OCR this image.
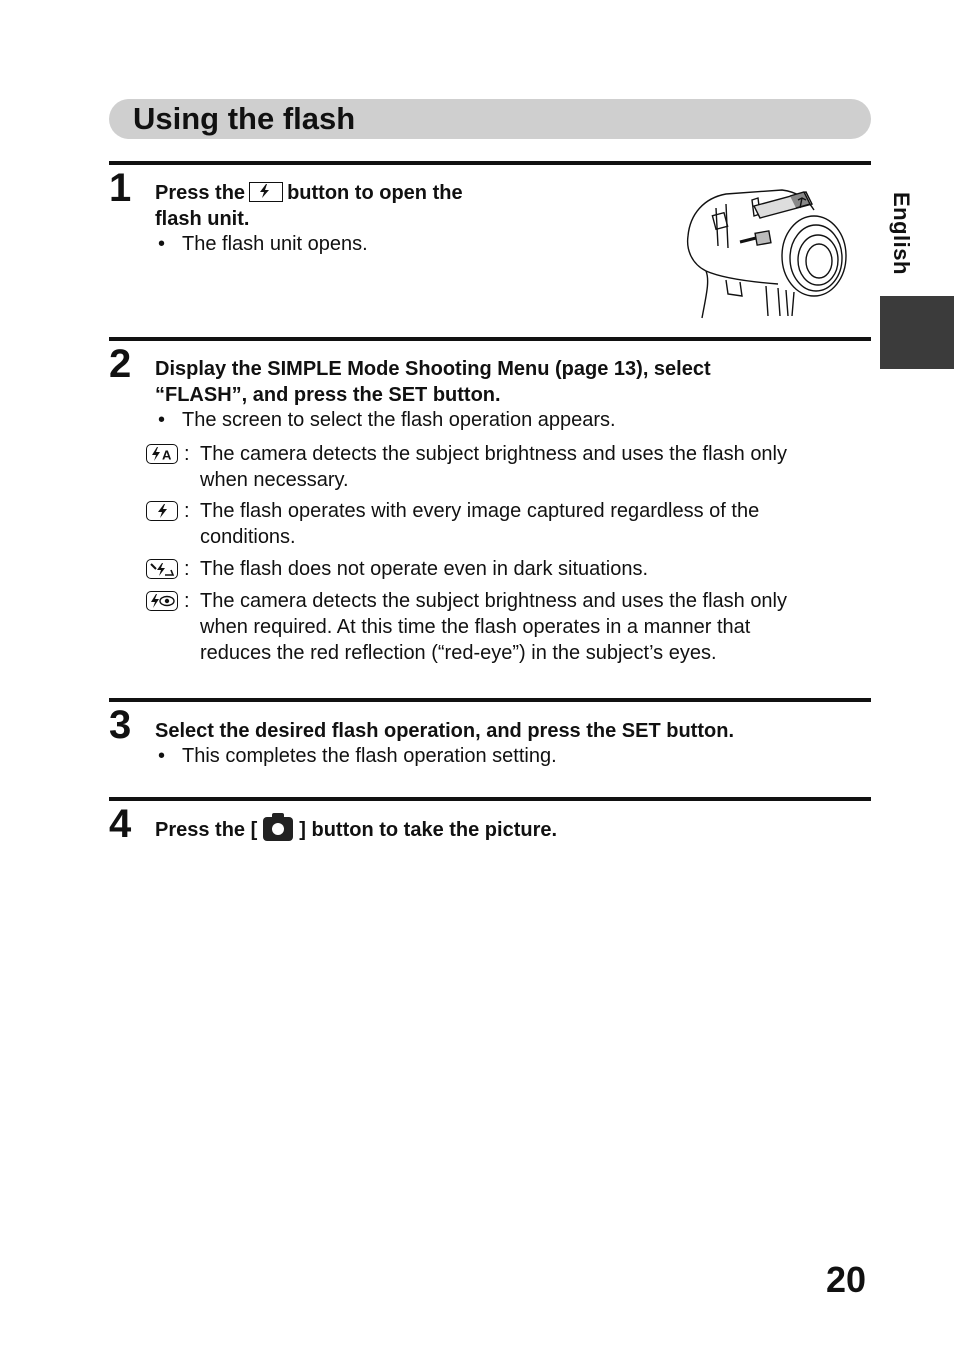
Using the flash
English
1 Press the button to open the
flash unit.
• The flash unit opens.
2 Display the SIMPLE Mode Shooting Menu (page 13), select
“FLASH”, and press the SET button.
• The screen to select the flash operation appears.
A : The camera detects the subject brightness and uses the flash only
when necessary.
: The flash operates with every image captured regardless of the
conditions.
: The flash does not operate even in dark situations.
: The camera detects the subject brightness and uses the flash only
when required. At this time the flash operates in a manner that
reduces the red reflection (“red-eye”) in the subject’s eyes.
3 Select the desired flash operation, and press the SET button.
• This completes the flash operation setting.
4 Press the [ ] button to take the picture.
20
